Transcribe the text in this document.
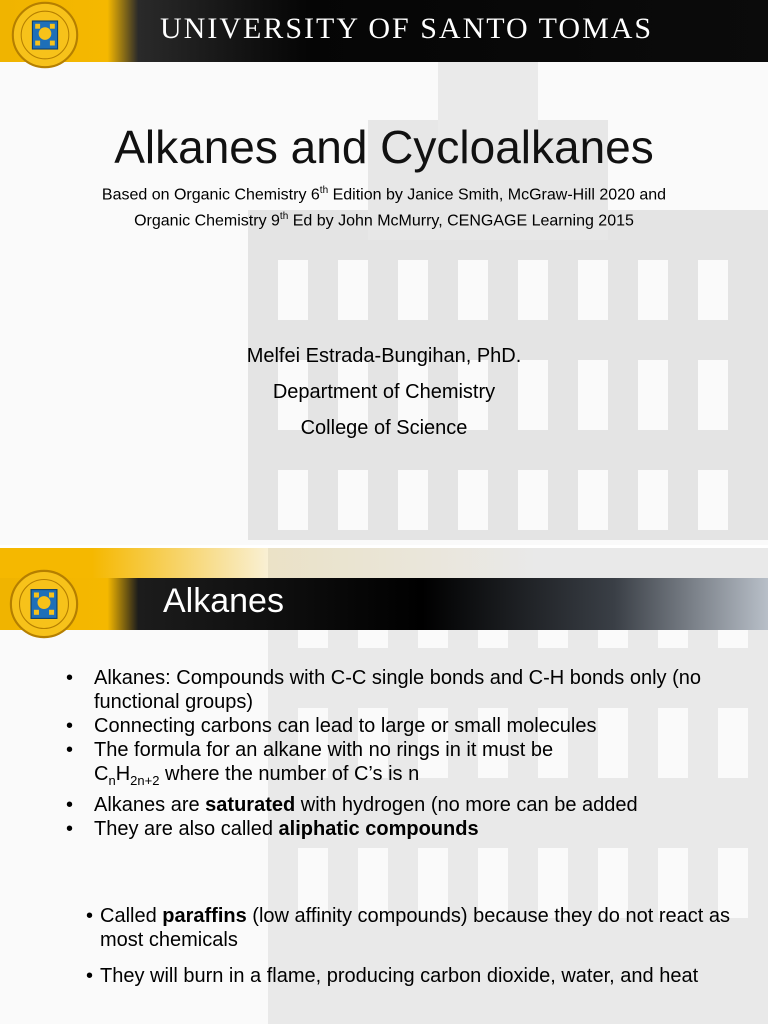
UNIVERSITY OF SANTO TOMAS
Alkanes and Cycloalkanes
Based on Organic Chemistry 6th Edition by Janice Smith, McGraw-Hill 2020 and
Organic Chemistry 9th Ed by John McMurry, CENGAGE Learning 2015
Melfei Estrada-Bungihan, PhD.
Department of Chemistry
College of Science
Alkanes
• Alkanes: Compounds with C-C single bonds and C-H bonds only (no functional groups)
• Connecting carbons can lead to large or small molecules
• The formula for an alkane with no rings in it must be
$C_nH_{2n+2}$ where the number of C’s is n
• Alkanes are saturated with hydrogen (no more can be added
• They are also called aliphatic compounds
• Called paraffins (low affinity compounds) because they do not react as most chemicals
• They will burn in a flame, producing carbon dioxide, water, and heat
